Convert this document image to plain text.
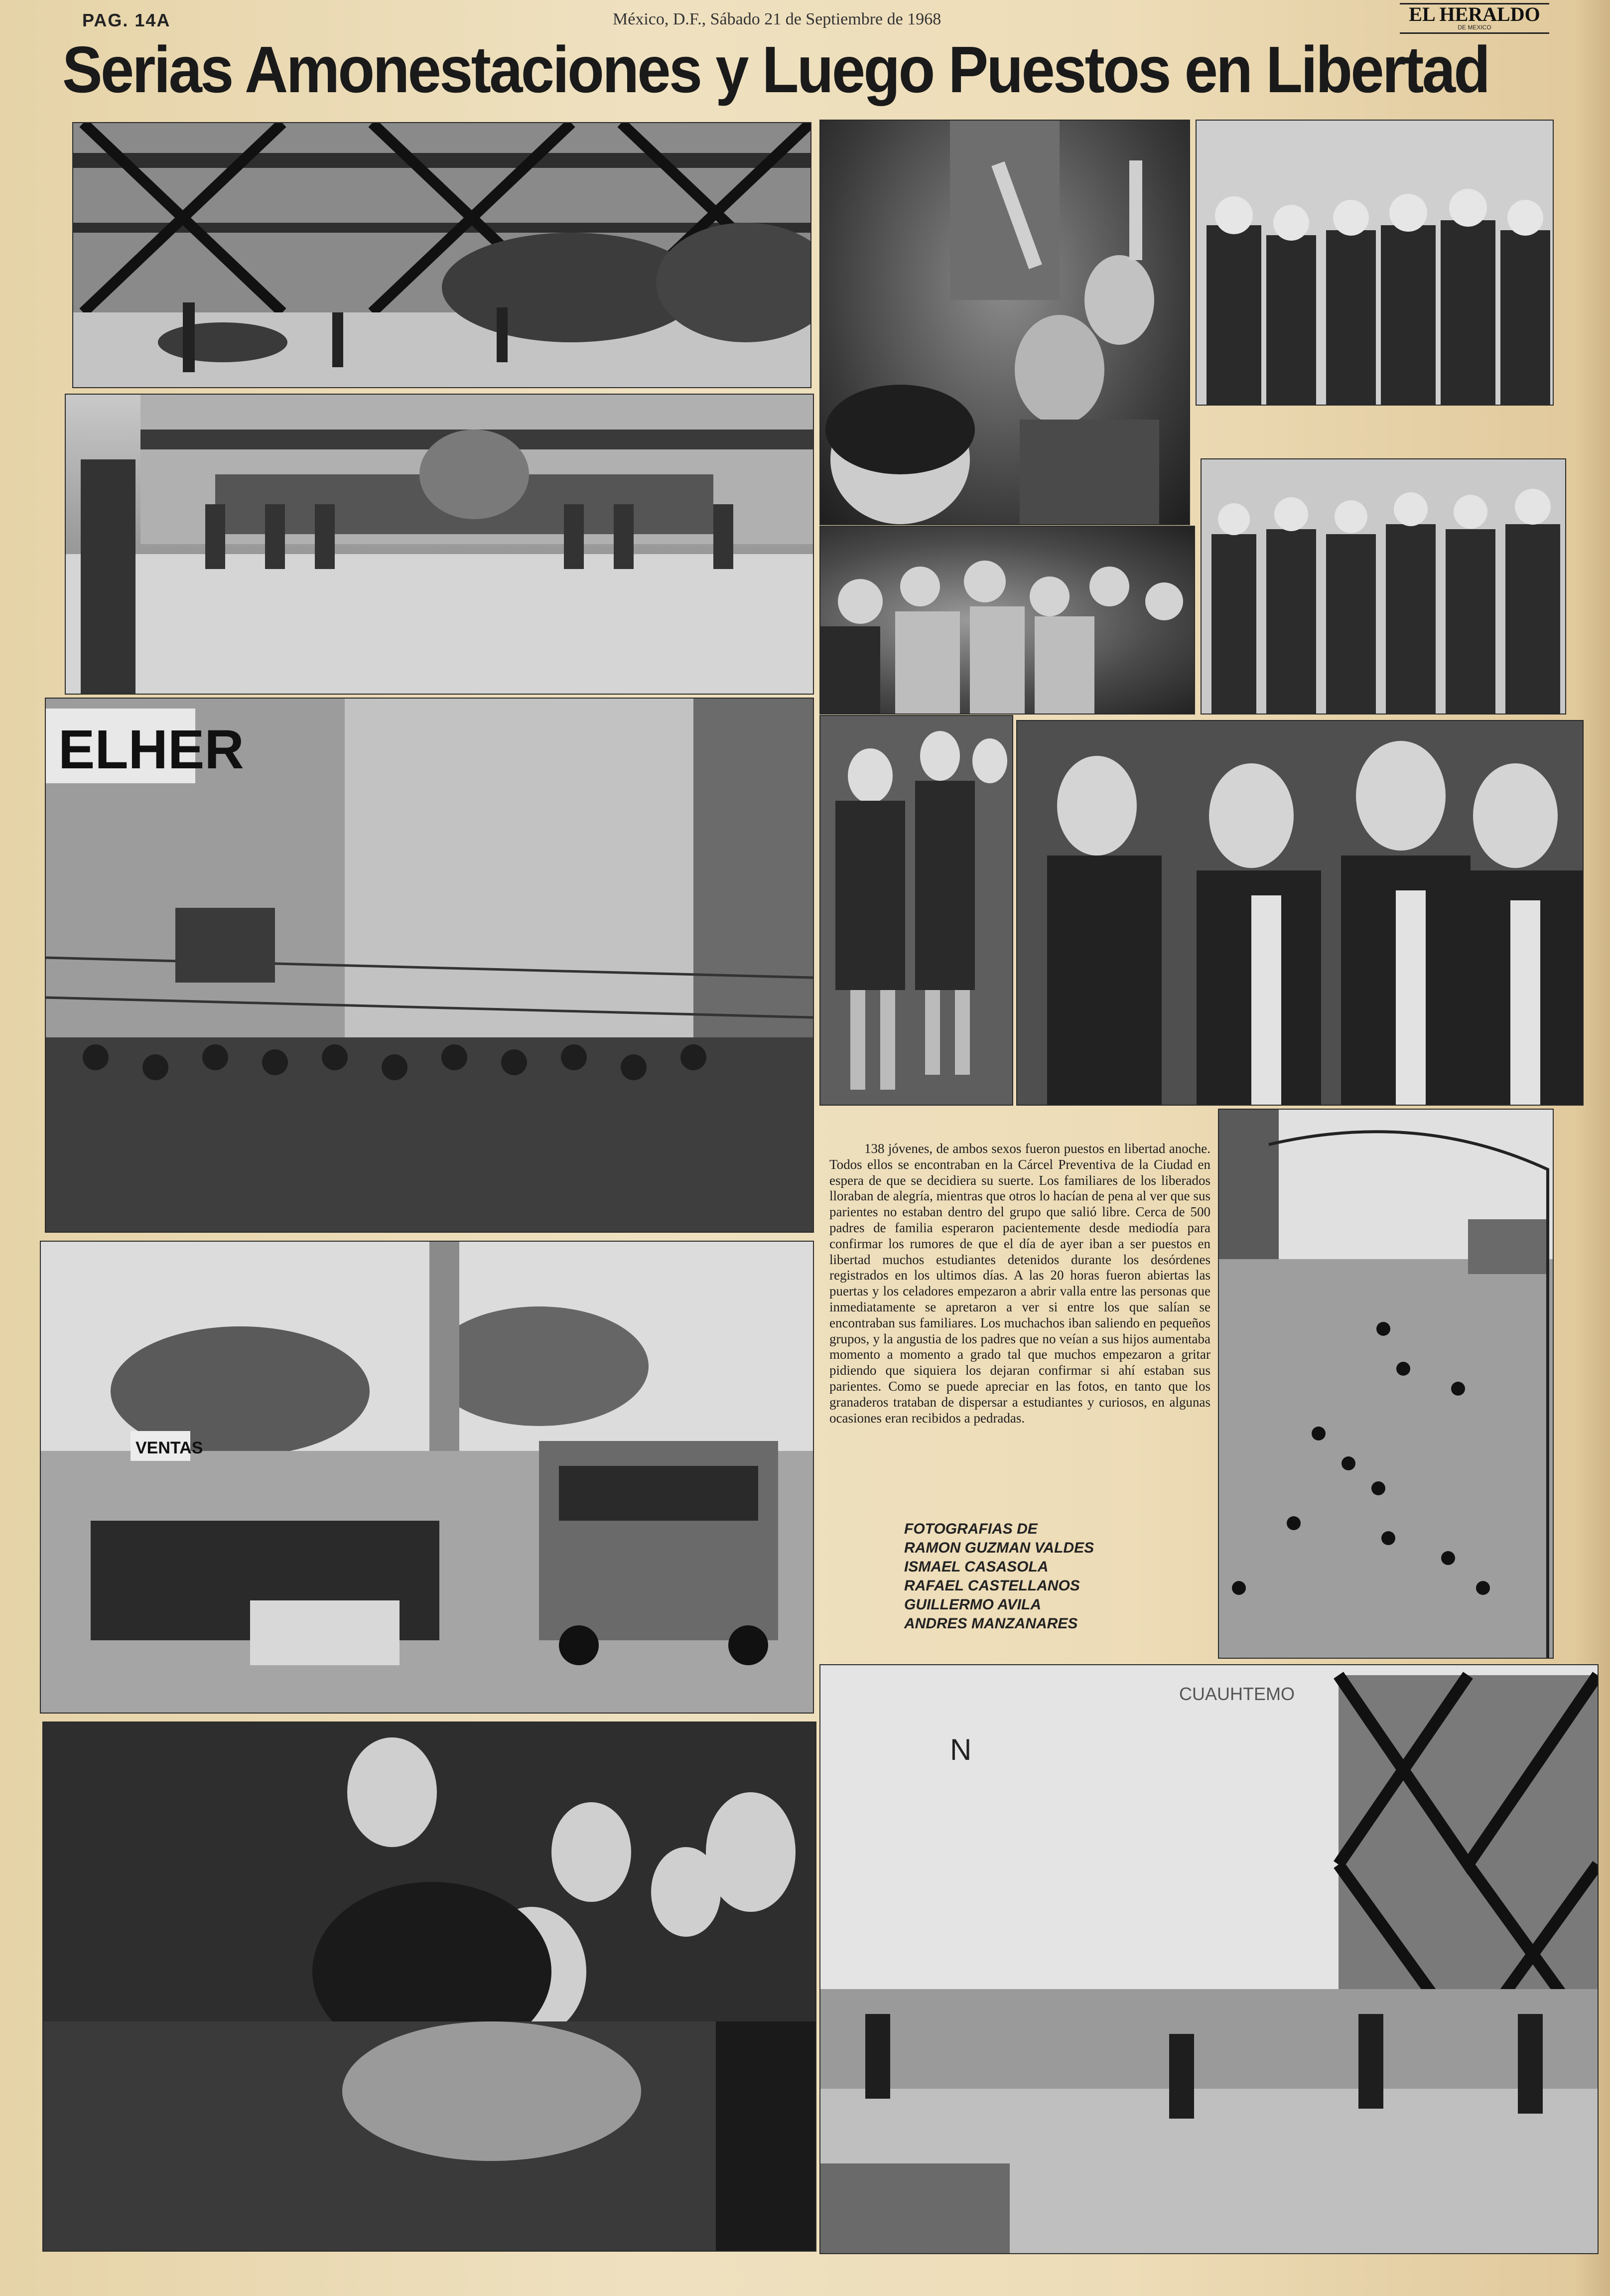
PAG. 14A	México, D.F., Sábado 21 de Septiembre de 1968	EL HERALDO
DE MEXICO
Serias Amonestaciones y Luego Puestos en Libertad
ELHER
VENTAS
N
CUAUHTEMO
138 jóvenes, de ambos sexos fueron puestos en libertad anoche. Todos ellos se encontraban en la Cárcel Preventiva de la Ciudad en espera de que se decidiera su suerte. Los familiares de los liberados lloraban de alegría, mientras que otros lo hacían de pena al ver que sus parientes no estaban dentro del grupo que salió libre. Cerca de 500 padres de familia esperaron pacientemente desde mediodía para confirmar los rumores de que el día de ayer iban a ser puestos en libertad muchos estudiantes detenidos durante los desórdenes registrados en los ultimos días. A las 20 horas fueron abiertas las puertas y los celadores empezaron a abrir valla entre las personas que inmediatamente se apretaron a ver si entre los que salían se encontraban sus familiares. Los muchachos iban saliendo en pequeños grupos, y la angustia de los padres que no veían a sus hijos aumentaba momento a momento a grado tal que muchos empezaron a gritar pidiendo que siquiera los dejaran confirmar si ahí estaban sus parientes. Como se puede apreciar en las fotos, en tanto que los granaderos trataban de dispersar a estudiantes y curiosos, en algunas ocasiones eran recibidos a pedradas.
FOTOGRAFIAS DE
RAMON GUZMAN VALDES
ISMAEL CASASOLA
RAFAEL CASTELLANOS
GUILLERMO AVILA
ANDRES MANZANARES
